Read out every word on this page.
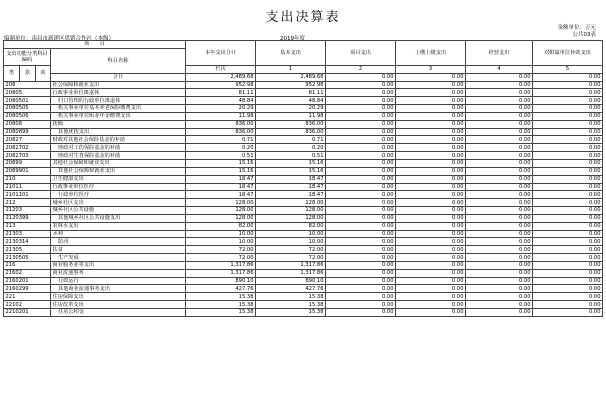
支出决算表
金额单位：万元
公共03表
编制单位：南昌市新建区供销合作社（本级）	2019年度
项　　目				本年支出合计	基本支出	项目支出	上缴上级支出	经营支出	对附属单位补助支出	
支出功能分类科目编码			科目名称							

类	款	项		栏次	1	2	3	4	5	
			合计	2,489.68	2,489.68	0.00	0.00	0.00	0.00	
208			社会保障和就业支出	952.98	952.98	0.00	0.00	0.00	0.00	
20805			行政事业单位离退休	81.11	81.11	0.00	0.00	0.00	0.00	
2080501			归口管理的行政单位离退休	48.84	48.84	0.00	0.00	0.00	0.00	
2080505			机关事业单位基本养老保险缴费支出	20.29	20.29	0.00	0.00	0.00	0.00	
2080506			机关事业单位职业年金缴费支出	11.98	11.98	0.00	0.00	0.00	0.00	
20808			抚恤	836.00	836.00	0.00	0.00	0.00	0.00	
2080899			其他优抚支出	836.00	836.00	0.00	0.00	0.00	0.00	
20827			财政对其他社会保险基金的补助	0.71	0.71	0.00	0.00	0.00	0.00	
2082702			财政对工伤保险基金的补助	0.20	0.20	0.00	0.00	0.00	0.00	
2082703			财政对生育保险基金的补助	0.51	0.51	0.00	0.00	0.00	0.00	
20899			其他社会保障和就业支出	15.16	15.16	0.00	0.00	0.00	0.00	
2089901			其他社会保障和就业支出	15.16	15.16	0.00	0.00	0.00	0.00	
210			卫生健康支出	18.47	18.47	0.00	0.00	0.00	0.00	
21011			行政事业单位医疗	18.47	18.47	0.00	0.00	0.00	0.00	
2101101			行政单位医疗	18.47	18.47	0.00	0.00	0.00	0.00	
212			城乡社区支出	128.00	128.00	0.00	0.00	0.00	0.00	
21203			城乡社区公共设施	128.00	128.00	0.00	0.00	0.00	0.00	
2120399			其他城乡社区公共设施支出	128.00	128.00	0.00	0.00	0.00	0.00	
213			农林水支出	82.00	82.00	0.00	0.00	0.00	0.00	
21303			水利	10.00	10.00	0.00	0.00	0.00	0.00	
2130314			防汛	10.00	10.00	0.00	0.00	0.00	0.00	
21305			扶贫	72.00	72.00	0.00	0.00	0.00	0.00	
2130505			生产发展	72.00	72.00	0.00	0.00	0.00	0.00	
216			商业服务业等支出	1,317.86	1,317.86	0.00	0.00	0.00	0.00	
21602			商业流通事务	1,317.86	1,317.86	0.00	0.00	0.00	0.00	
2160201			行政运行	890.10	890.10	0.00	0.00	0.00	0.00	
2160299			其他商业流通事务支出	427.76	427.76	0.00	0.00	0.00	0.00	
221			住房保障支出	15.38	15.38	0.00	0.00	0.00	0.00	
22102			住房改革支出	15.38	15.38	0.00	0.00	0.00	0.00	
2210201			住房公积金	15.38	15.38	0.00	0.00	0.00	0.00	
